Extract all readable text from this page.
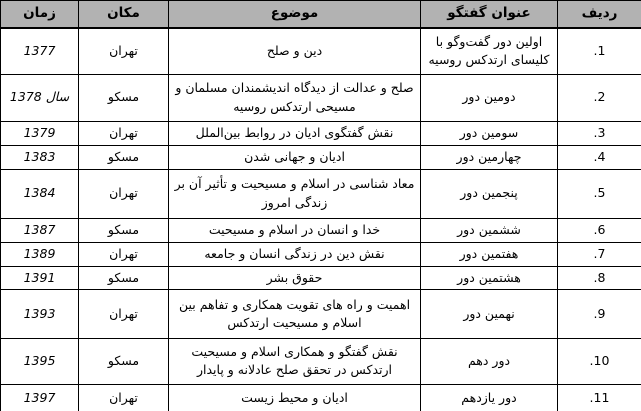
ردیف	عنوان گفتگو	موضوع	مکان	زمان
.1	اولین دور گفت‌وگو با کلیسای ارتدکس روسیه	دین و صلح	تهران	1377
.2	دومین دور	صلح و عدالت از دیدگاه اندیشمندان مسلمان و مسیحی ارتدکس روسیه	مسکو	سال 1378
.3	سومین دور	نقش گفتگوی ادیان در روابط بین‌الملل	تهران	1379
.4	چهارمین دور	ادیان و جهانی شدن	مسکو	1383
.5	پنجمین دور	معاد شناسی در اسلام و مسیحیت و تأثیر آن بر زندگی امروز	تهران	1384
.6	ششمین دور	خدا و انسان در اسلام و مسیحیت	مسکو	1387
.7	هفتمین دور	نقش دین در زندگی انسان و جامعه	تهران	1389
.8	هشتمین دور	حقوق بشر	مسکو	1391
.9	نهمین دور	اهمیت و راه های تقویت همکاری و تفاهم بین اسلام و مسیحیت ارتدکس	تهران	1393
.10	دور دهم	نقش گفتگو و همکاری اسلام و مسیحیت ارتدکس در تحقق صلح عادلانه و پایدار	مسکو	1395
.11	دور یازدهم	ادیان و محیط زیست	تهران	1397
